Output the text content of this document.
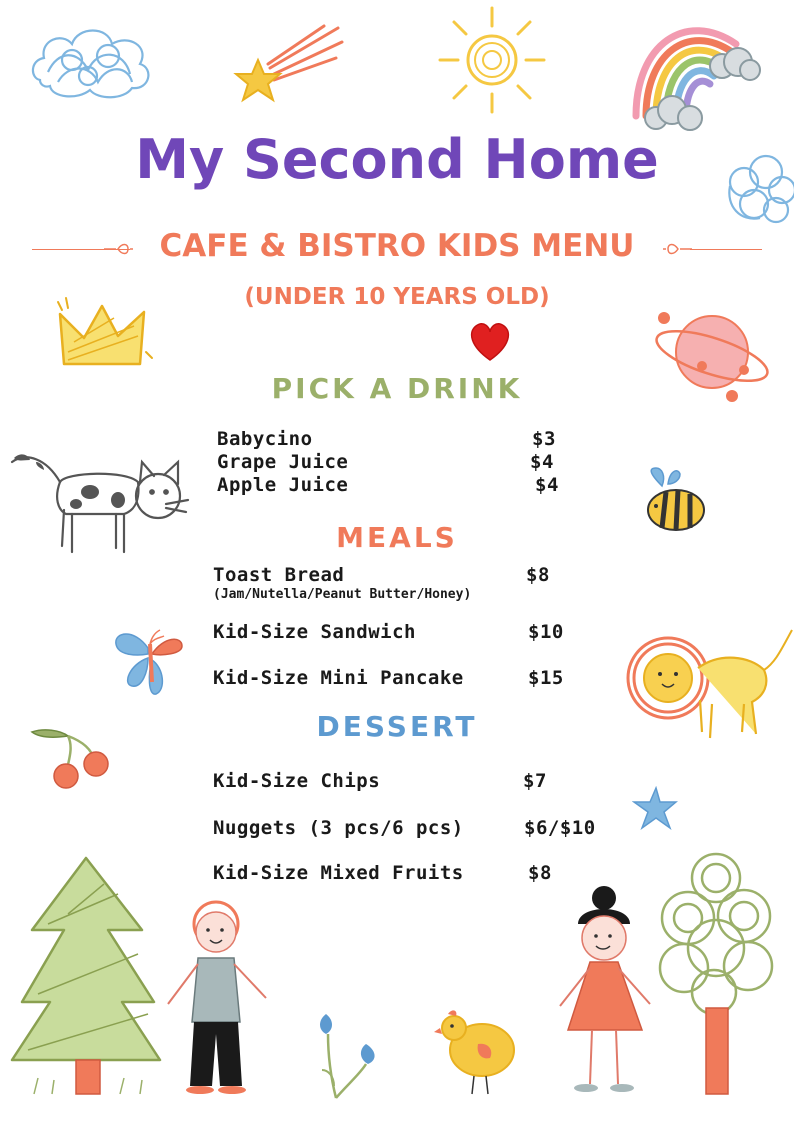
My Second Home
CAFE & BISTRO KIDS MENU
(UNDER 10 YEARS OLD)
PICK A DRINK
Babycino	$3
Grape Juice	$4
Apple Juice	$4
MEALS
Toast Bread	$8
(Jam/Nutella/Peanut Butter/Honey)
Kid-Size Sandwich	$10
Kid-Size Mini Pancake	$15
DESSERT
Kid-Size Chips	$7
Nuggets (3 pcs/6 pcs)	$6/$10
Kid-Size Mixed Fruits	$8
